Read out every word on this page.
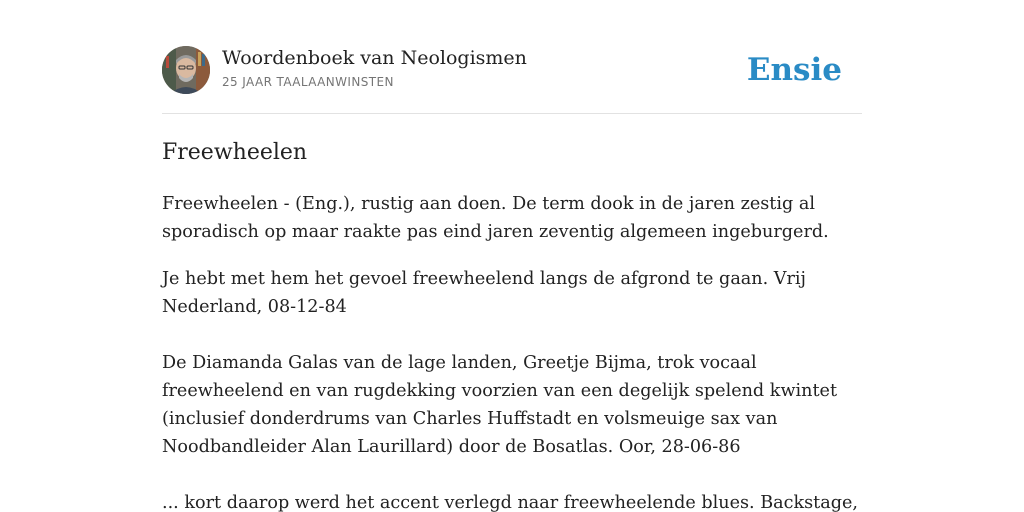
Woordenboek van Neologismen
25 JAAR TAALAANWINSTEN	Ensie
Freewheelen

Freewheelen - (Eng.), rustig aan doen. De term dook in de jaren zestig al sporadisch op maar raakte pas eind jaren zeventig algemeen ingeburgerd.

Je hebt met hem het gevoel freewheelend langs de afgrond te gaan. Vrij Nederland, 08-12-84

De Diamanda Galas van de lage landen, Greetje Bijma, trok vocaal freewheelend en van rugdekking voorzien van een degelijk spelend kwintet (inclusief donderdrums van Charles Huffstadt en volsmeuige sax van Noodbandleider Alan Laurillard) door de Bosatlas. Oor, 28-06-86

... kort daarop werd het accent verlegd naar freewheelende blues. Backstage,
